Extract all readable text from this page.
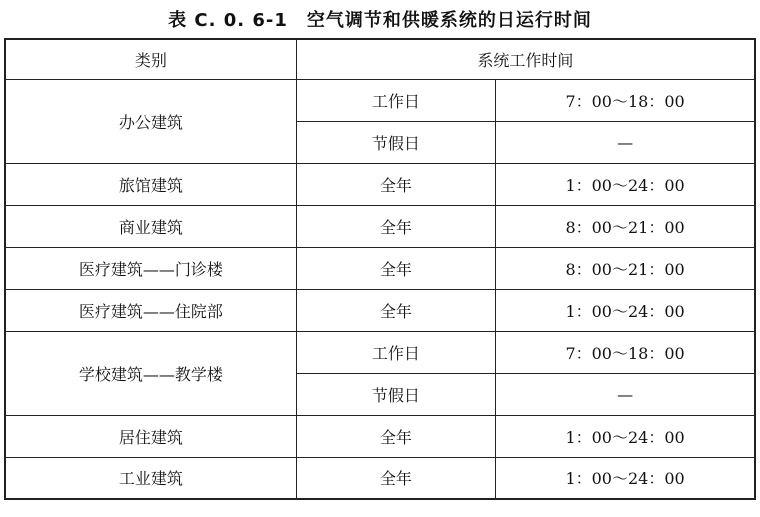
表 C. 0. 6-1　空气调节和供暖系统的日运行时间
类别	系统工作时间	
办公建筑	工作日	7：00～18：00
	节假日	—
旅馆建筑	全年	1：00～24：00
商业建筑	全年	8：00～21：00
医疗建筑——门诊楼	全年	8：00～21：00
医疗建筑——住院部	全年	1：00～24：00
学校建筑——教学楼	工作日	7：00～18：00
	节假日	—
居住建筑	全年	1：00～24：00
工业建筑	全年	1：00～24：00
